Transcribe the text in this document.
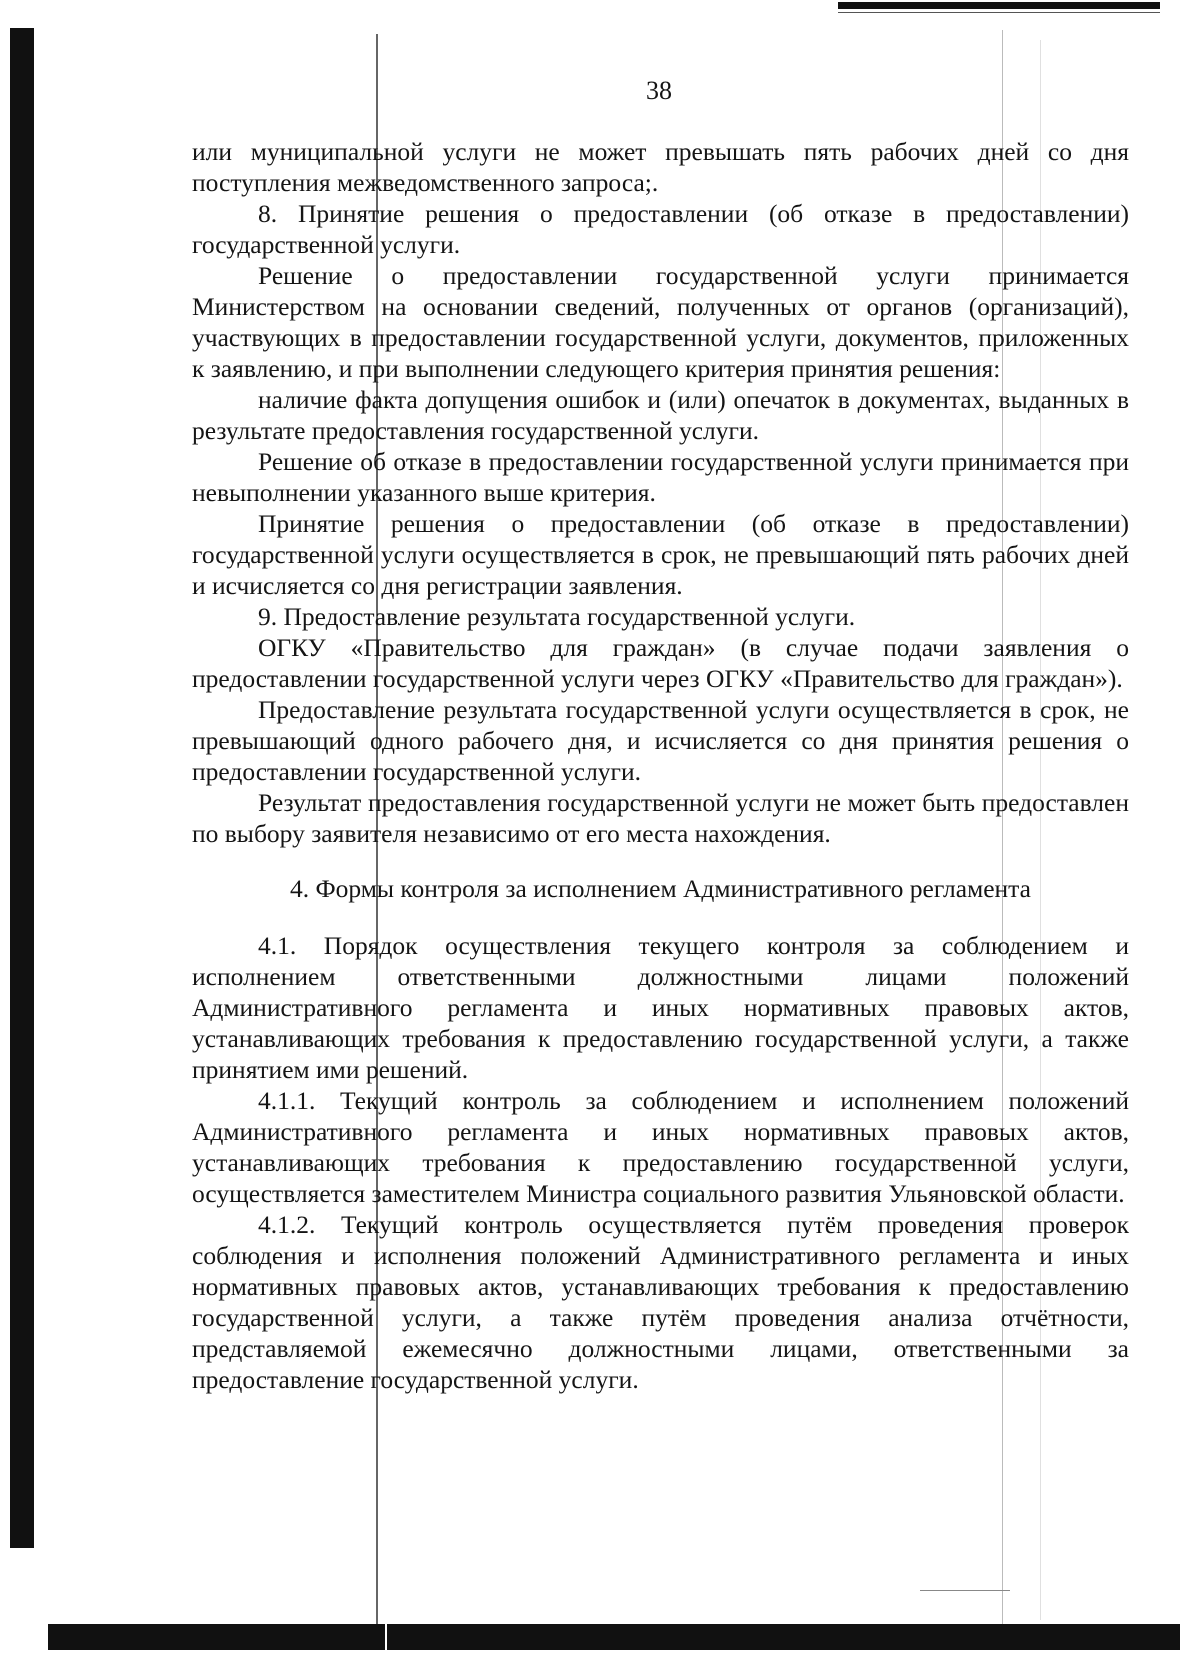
38

или муниципальной услуги не может превышать пять рабочих дней со дня поступления межведомственного запроса;.

8. Принятие решения о предоставлении (об отказе в предоставлении) государственной услуги.

Решение о предоставлении государственной услуги принимается Министерством на основании сведений, полученных от органов (организаций), участвующих в предоставлении государственной услуги, документов, приложенных к заявлению, и при выполнении следующего критерия принятия решения:

наличие факта допущения ошибок и (или) опечаток в документах, выданных в результате предоставления государственной услуги.

Решение об отказе в предоставлении государственной услуги принимается при невыполнении указанного выше критерия.

Принятие решения о предоставлении (об отказе в предоставлении) государственной услуги осуществляется в срок, не превышающий пять рабочих дней и исчисляется со дня регистрации заявления.

9. Предоставление результата государственной услуги.

ОГКУ «Правительство для граждан» (в случае подачи заявления о предоставлении государственной услуги через ОГКУ «Правительство для граждан»).

Предоставление результата государственной услуги осуществляется в срок, не превышающий одного рабочего дня, и исчисляется со дня принятия решения о предоставлении государственной услуги.

Результат предоставления государственной услуги не может быть предоставлен по выбору заявителя независимо от его места нахождения.

4. Формы контроля за исполнением Административного регламента

4.1. Порядок осуществления текущего контроля за соблюдением и исполнением ответственными должностными лицами положений Административного регламента и иных нормативных правовых актов, устанавливающих требования к предоставлению государственной услуги, а также принятием ими решений.

4.1.1. Текущий контроль за соблюдением и исполнением положений Административного регламента и иных нормативных правовых актов, устанавливающих требования к предоставлению государственной услуги, осуществляется заместителем Министра социального развития Ульяновской области.

4.1.2. Текущий контроль осуществляется путём проведения проверок соблюдения и исполнения положений Административного регламента и иных нормативных правовых актов, устанавливающих требования к предоставлению государственной услуги, а также путём проведения анализа отчётности, представляемой ежемесячно должностными лицами, ответственными за предоставление государственной услуги.
